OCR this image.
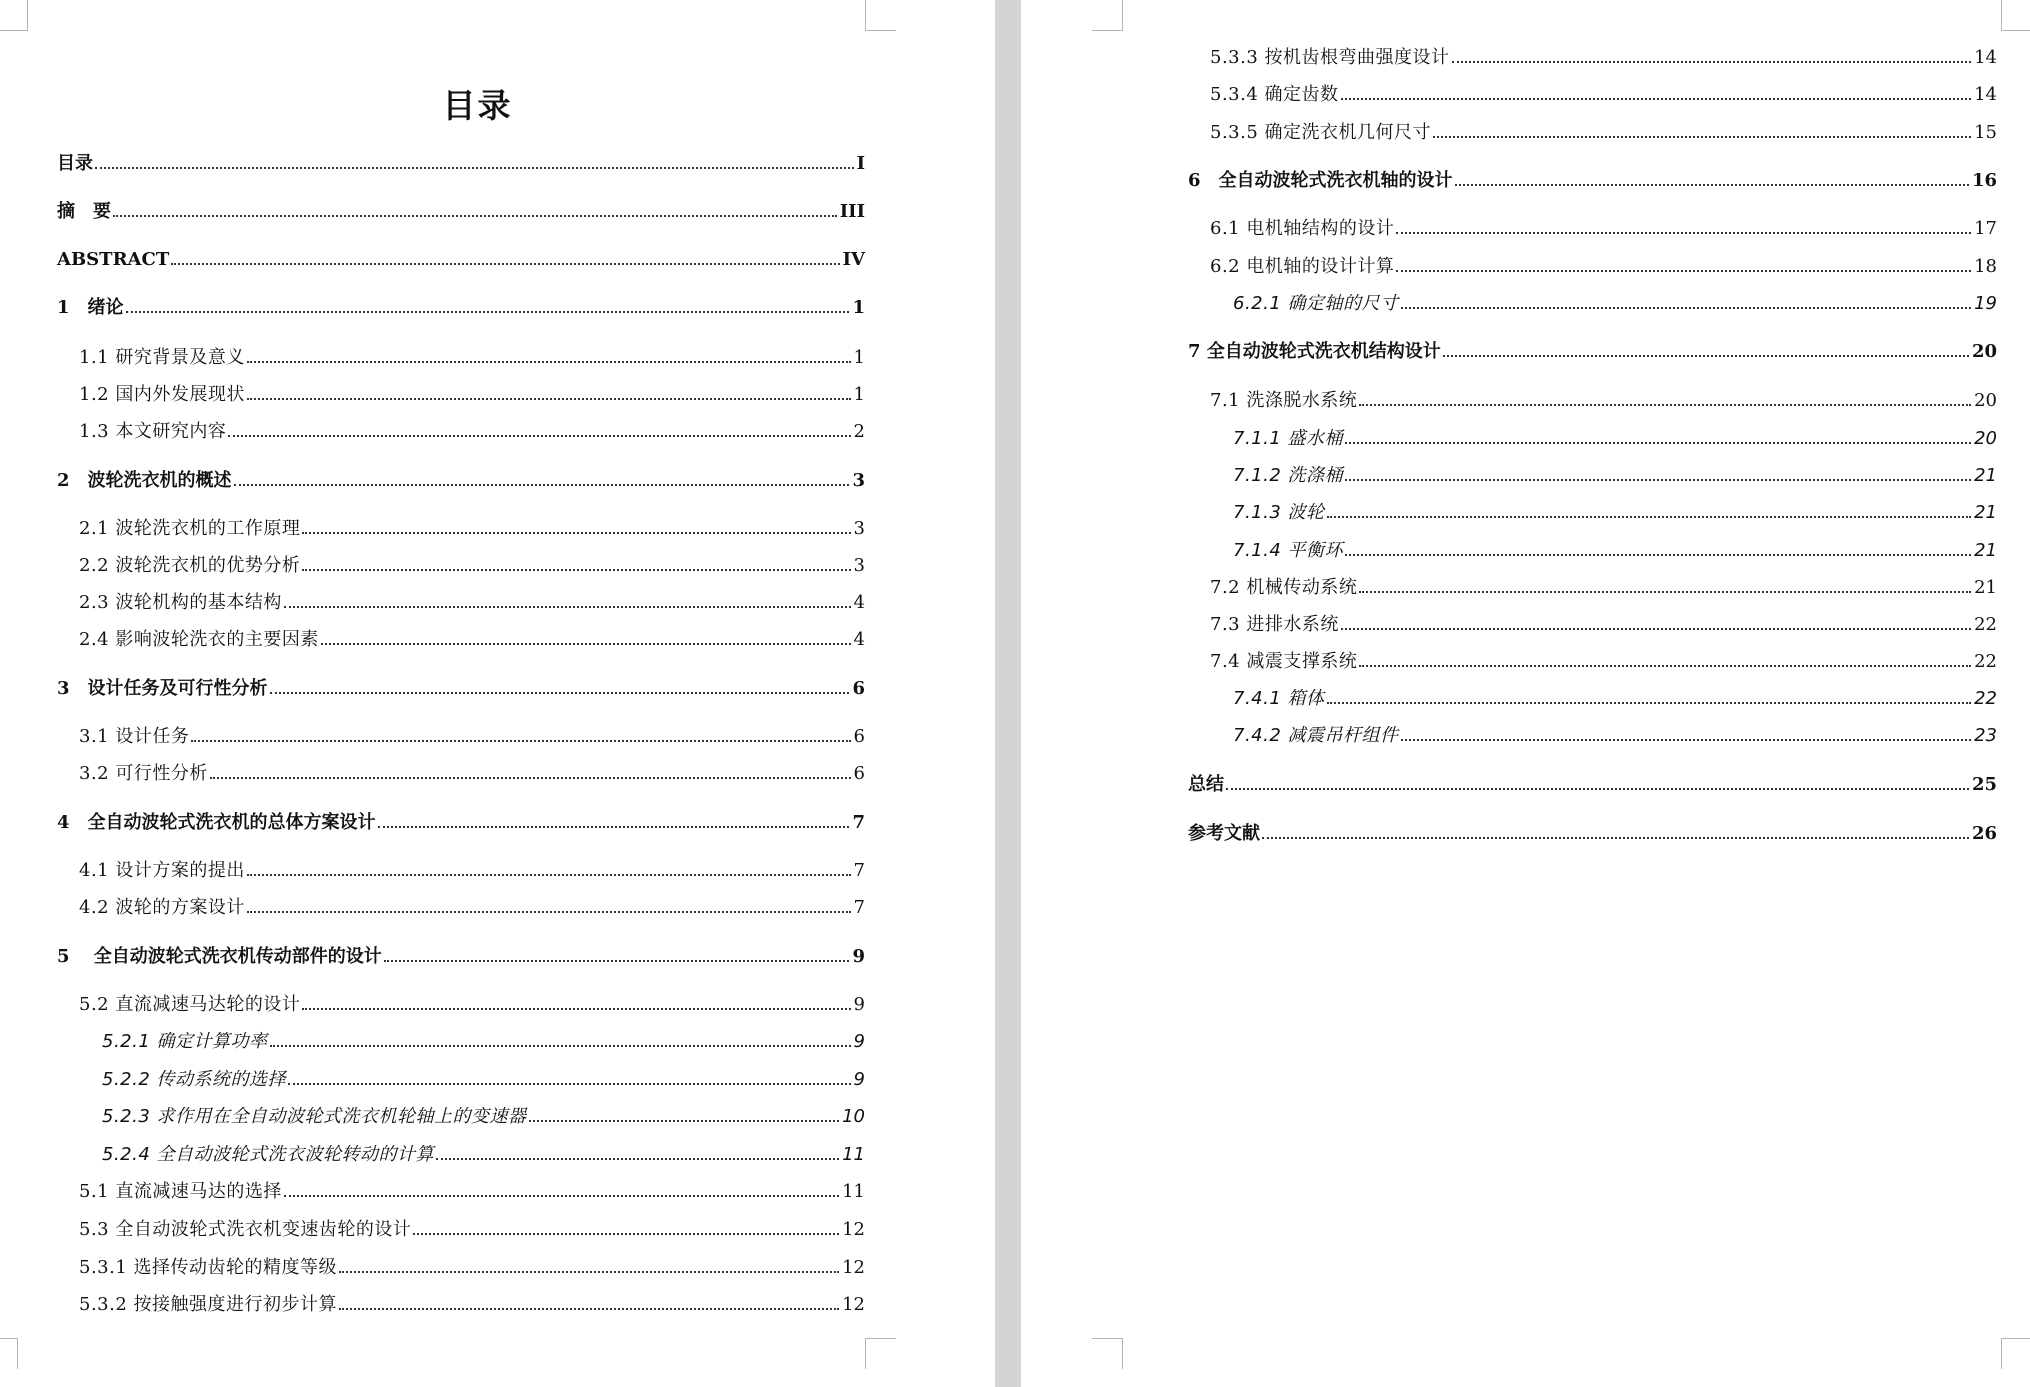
目录
目录	I
摘　要	III
ABSTRACT	IV
1　绪论	1
1.1 研究背景及意义	1
1.2 国内外发展现状	1
1.3 本文研究内容	2
2　波轮洗衣机的概述	3
2.1 波轮洗衣机的工作原理	3
2.2 波轮洗衣机的优势分析	3
2.3 波轮机构的基本结构	4
2.4 影响波轮洗衣的主要因素	4
3　设计任务及可行性分析	6
3.1 设计任务	6
3.2 可行性分析	6
4　全自动波轮式洗衣机的总体方案设计	7
4.1 设计方案的提出	7
4.2 波轮的方案设计	7
5　 全自动波轮式洗衣机传动部件的设计	9
5.2 直流减速马达轮的设计	9
5.2.1 确定计算功率	9
5.2.2 传动系统的选择	9
5.2.3 求作用在全自动波轮式洗衣机轮轴上的变速器	10
5.2.4 全自动波轮式洗衣波轮转动的计算	11
5.1 直流减速马达的选择	11
5.3 全自动波轮式洗衣机变速齿轮的设计	12
5.3.1 选择传动齿轮的精度等级	12
5.3.2 按接触强度进行初步计算	12
5.3.3 按机齿根弯曲强度设计	14
5.3.4 确定齿数	14
5.3.5 确定洗衣机几何尺寸	15
6　全自动波轮式洗衣机轴的设计	16
6.1 电机轴结构的设计	17
6.2 电机轴的设计计算	18
6.2.1 确定轴的尺寸	19
7 全自动波轮式洗衣机结构设计	20
7.1 洗涤脱水系统	20
7.1.1 盛水桶	20
7.1.2 洗涤桶	21
7.1.3 波轮	21
7.1.4 平衡环	21
7.2 机械传动系统	21
7.3 进排水系统	22
7.4 减震支撑系统	22
7.4.1 箱体	22
7.4.2 减震吊杆组件	23
总结	25
参考文献	26
